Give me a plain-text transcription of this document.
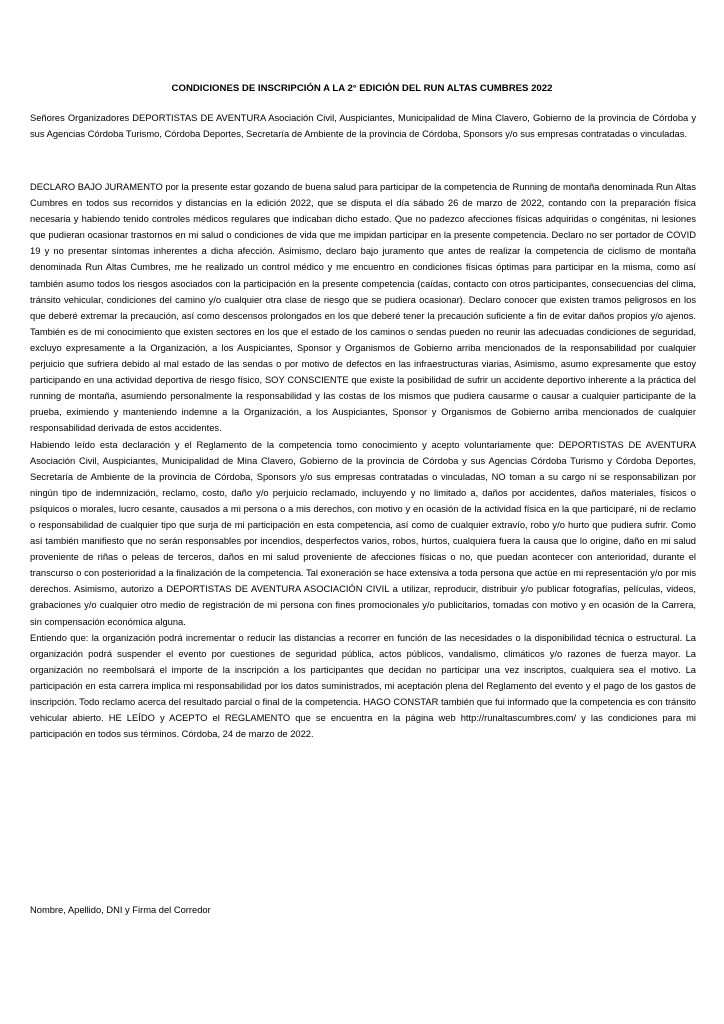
CONDICIONES DE INSCRIPCIÓN A LA 2° EDICIÓN DEL RUN ALTAS CUMBRES 2022

Señores Organizadores DEPORTISTAS DE AVENTURA Asociación Civil, Auspiciantes, Municipalidad de Mina Clavero, Gobierno de la provincia de Córdoba y sus Agencias Córdoba Turismo, Córdoba Deportes, Secretaría de Ambiente de la provincia de Córdoba, Sponsors y/o sus empresas contratadas o vinculadas.

DECLARO BAJO JURAMENTO por la presente estar gozando de buena salud para participar de la competencia de Running de montaña denominada Run Altas Cumbres en todos sus recorridos y distancias en la edición 2022, que se disputa el día sábado 26 de marzo de 2022, contando con la preparación física necesaria y habiendo tenido controles médicos regulares que indicaban dicho estado. Que no padezco afecciones físicas adquiridas o congénitas, ni lesiones que pudieran ocasionar trastornos en mi salud o condiciones de vida que me impidan participar en la presente competencia. Declaro no ser portador de COVID 19 y no presentar síntomas inherentes a dicha afección. Asimismo, declaro bajo juramento que antes de realizar la competencia de ciclismo de montaña denominada Run Altas Cumbres, me he realizado un control médico y me encuentro en condiciones físicas óptimas para participar en la misma, como así también asumo todos los riesgos asociados con la participación en la presente competencia (caídas, contacto con otros participantes, consecuencias del clima, tránsito vehicular, condiciones del camino y/o cualquier otra clase de riesgo que se pudiera ocasionar). Declaro conocer que existen tramos peligrosos en los que deberé extremar la precaución, así como descensos prolongados en los que deberé tener la precaución suficiente a fin de evitar daños propios y/o ajenos. También es de mi conocimiento que existen sectores en los que el estado de los caminos o sendas pueden no reunir las adecuadas condiciones de seguridad, excluyo expresamente a la Organización, a los Auspiciantes, Sponsor y Organismos de Gobierno arriba mencionados de la responsabilidad por cualquier perjuicio que sufriera debido al mal estado de las sendas o por motivo de defectos en las infraestructuras viarias, Asimismo, asumo expresamente que estoy participando en una actividad deportiva de riesgo físico, SOY CONSCIENTE que existe la posibilidad de sufrir un accidente deportivo inherente a la práctica del running de montaña, asumiendo personalmente la responsabilidad y las costas de los mismos que pudiera causarme o causar a cualquier participante de la prueba, eximiendo y manteniendo indemne a la Organización, a los Auspiciantes, Sponsor y Organismos de Gobierno arriba mencionados de cualquier responsabilidad derivada de estos accidentes.
Habiendo leído esta declaración y el Reglamento de la competencia tomo conocimiento y acepto voluntariamente que: DEPORTISTAS DE AVENTURA Asociación Civil, Auspiciantes, Municipalidad de Mina Clavero, Gobierno de la provincia de Córdoba y sus Agencias Córdoba Turismo y Córdoba Deportes, Secretaría de Ambiente de la provincia de Córdoba, Sponsors y/o sus empresas contratadas o vinculadas, NO toman a su cargo ni se responsabilizan por ningún tipo de indemnización, reclamo, costo, daño y/o perjuicio reclamado, incluyendo y no limitado a, daños por accidentes, daños materiales, físicos o psíquicos o morales, lucro cesante, causados a mi persona o a mis derechos, con motivo y en ocasión de la actividad física en la que participaré, ni de reclamo o responsabilidad de cualquier tipo que surja de mi participación en esta competencia, así como de cualquier extravío, robo y/o hurto que pudiera sufrir. Como así también manifiesto que no serán responsables por incendios, desperfectos varios, robos, hurtos, cualquiera fuera la causa que lo origine, daño en mi salud proveniente de riñas o peleas de terceros, daños en mi salud proveniente de afecciones físicas o no, que puedan acontecer con anterioridad, durante el transcurso o con posterioridad a la finalización de la competencia. Tal exoneración se hace extensiva a toda persona que actúe en mi representación y/o por mis derechos. Asimismo, autorizo a DEPORTISTAS DE AVENTURA ASOCIACIÓN CIVIL a utilizar, reproducir, distribuir y/o publicar fotografías, películas, videos, grabaciones y/o cualquier otro medio de registración de mi persona con fines promocionales y/o publicitarios, tomadas con motivo y en ocasión de la Carrera, sin compensación económica alguna.
Entiendo que: la organización podrá incrementar o reducir las distancias a recorrer en función de las necesidades o la disponibilidad técnica o estructural. La organización podrá suspender el evento por cuestiones de seguridad pública, actos públicos, vandalismo, climáticos y/o razones de fuerza mayor. La organización no reembolsará el importe de la inscripción a los participantes que decidan no participar una vez inscriptos, cualquiera sea el motivo. La participación en esta carrera implica mi responsabilidad por los datos suministrados, mi aceptación plena del Reglamento del evento y el pago de los gastos de inscripción. Todo reclamo acerca del resultado parcial o final de la competencia. HAGO CONSTAR también que fui informado que la competencia es con tránsito vehicular abierto. HE LEÍDO y ACEPTO el REGLAMENTO que se encuentra en la página web http://runaltascumbres.com/ y las condiciones para mi participación en todos sus términos. Córdoba, 24 de marzo de 2022.
Nombre, Apellido, DNI y Firma del Corredor
